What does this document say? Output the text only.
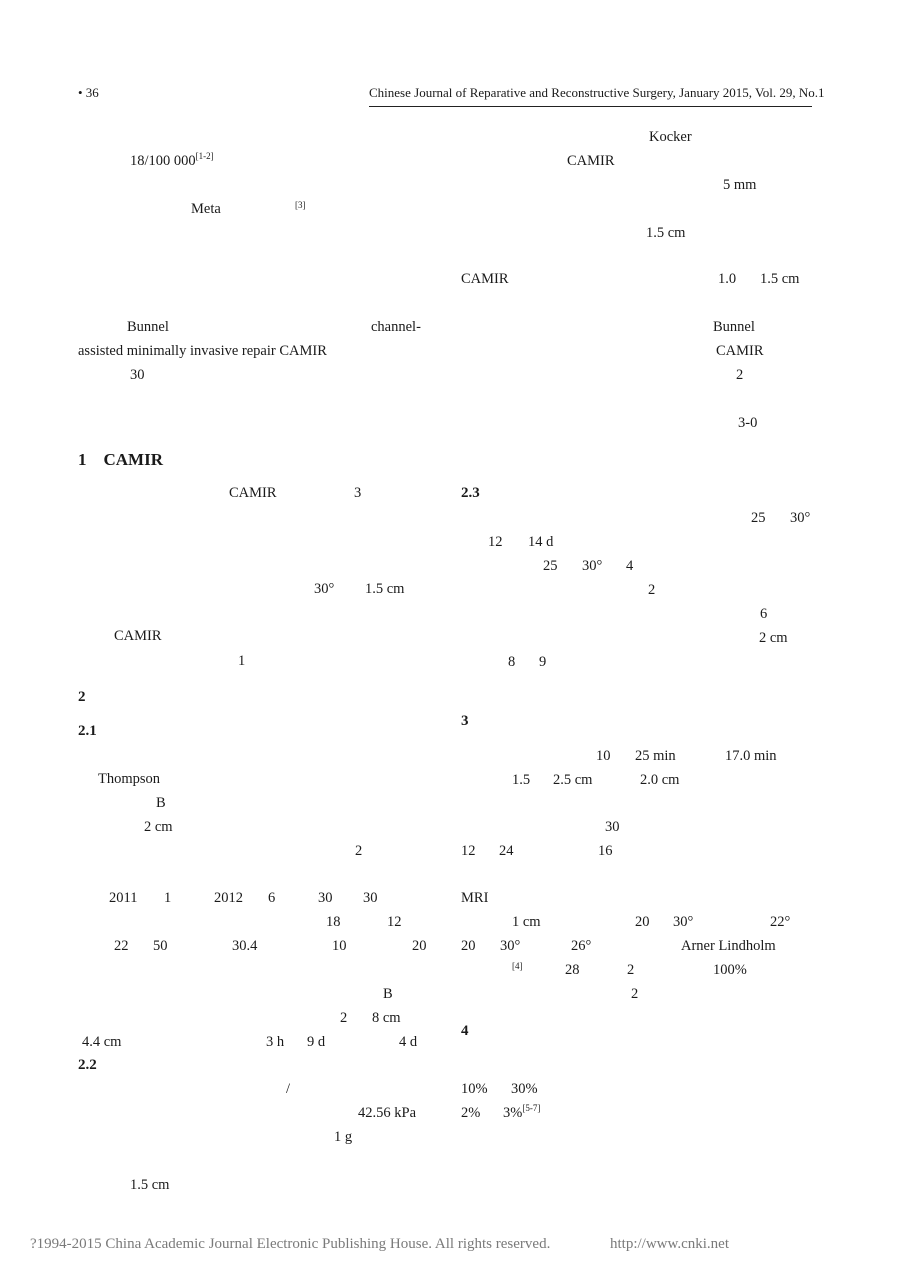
• 36	Chinese Journal of Reparative and Reconstructive Surgery, January 2015, Vol. 29, No.1
18/100 000[1-2]
Meta	[3]
Bunnel	channel-
assisted minimally invasive repair CAMIR
30
1 CAMIR
CAMIR	3
30° 1.5 cm
CAMIR
1
2
2.1
Thompson
B
2 cm
2
2011 1	2012 6	30 30
18	12
22 50	30.4	10	20
B
2 8 cm
4.4 cm	3 h 9 d	4 d
2.2
/
42.56 kPa
1 g
1.5 cm
Kocker
CAMIR
5 mm
1.5 cm
CAMIR	1.0 1.5 cm
Bunnel
CAMIR
2
3-0
2.3
25 30°
12 14 d
25 30° 4
2
6
2 cm
8 9
3
10 25 min	17.0 min
1.5 2.5 cm	2.0 cm
30
12 24	16
MRI
1 cm	20 30°	22°
20 30°	26°	Arner Lindholm
[4]	28	2	100%
2
4
10% 30%
2% 3%[5-7]
?1994-2015 China Academic Journal Electronic Publishing House. All rights reserved.	http://www.cnki.net
